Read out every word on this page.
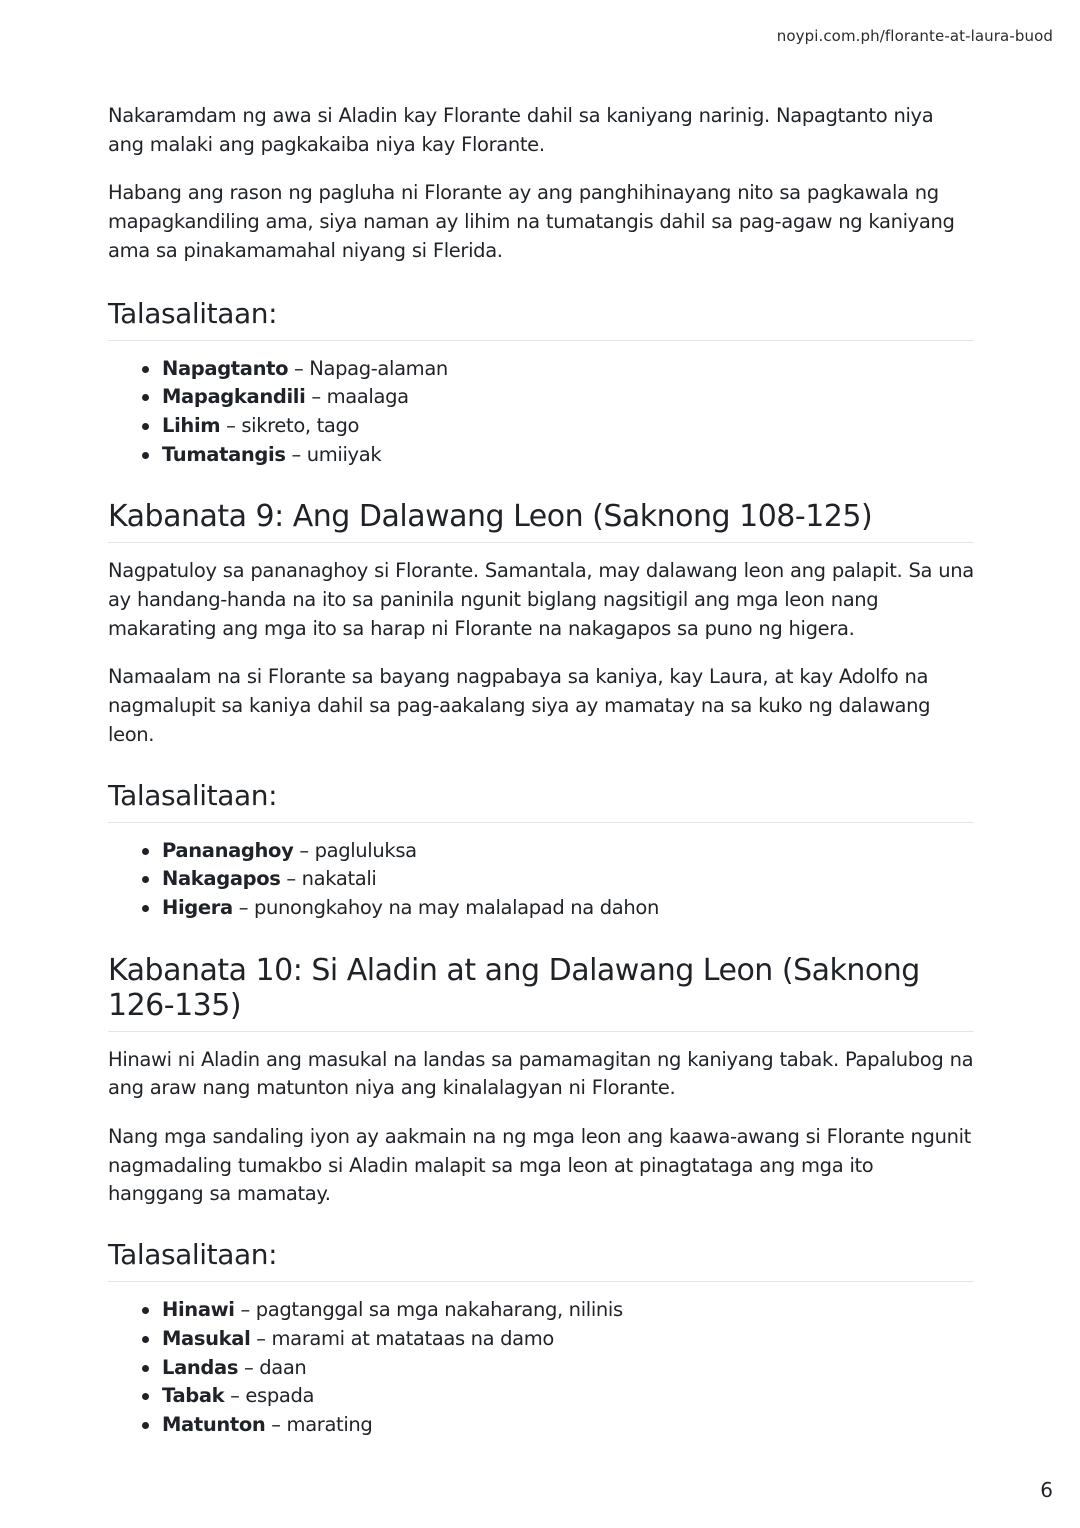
noypi.com.ph/florante-at-laura-buod

Nakaramdam ng awa si Aladin kay Florante dahil sa kaniyang narinig. Napagtanto niya ang malaki ang pagkakaiba niya kay Florante.

Habang ang rason ng pagluha ni Florante ay ang panghihinayang nito sa pagkawala ng mapagkandiling ama, siya naman ay lihim na tumatangis dahil sa pag-agaw ng kaniyang ama sa pinakamamahal niyang si Flerida.

Talasalitaan:
Napagtanto – Napag-alaman
Mapagkandili – maalaga
Lihim – sikreto, tago
Tumatangis – umiiyak
Kabanata 9: Ang Dalawang Leon (Saknong 108-125)

Nagpatuloy sa pananaghoy si Florante. Samantala, may dalawang leon ang palapit. Sa una ay handang-handa na ito sa paninila ngunit biglang nagsitigil ang mga leon nang makarating ang mga ito sa harap ni Florante na nakagapos sa puno ng higera.

Namaalam na si Florante sa bayang nagpabaya sa kaniya, kay Laura, at kay Adolfo na nagmalupit sa kaniya dahil sa pag-aakalang siya ay mamatay na sa kuko ng dalawang leon.

Talasalitaan:
Pananaghoy – pagluluksa
Nakagapos – nakatali
Higera – punongkahoy na may malalapad na dahon
Kabanata 10: Si Aladin at ang Dalawang Leon (Saknong 126-135)

Hinawi ni Aladin ang masukal na landas sa pamamagitan ng kaniyang tabak. Papalubog na ang araw nang matunton niya ang kinalalagyan ni Florante.

Nang mga sandaling iyon ay aakmain na ng mga leon ang kaawa-awang si Florante ngunit nagmadaling tumakbo si Aladin malapit sa mga leon at pinagtataga ang mga ito hanggang sa mamatay.

Talasalitaan:
Hinawi – pagtanggal sa mga nakaharang, nilinis
Masukal – marami at matataas na damo
Landas – daan
Tabak – espada
Matunton – marating
6
